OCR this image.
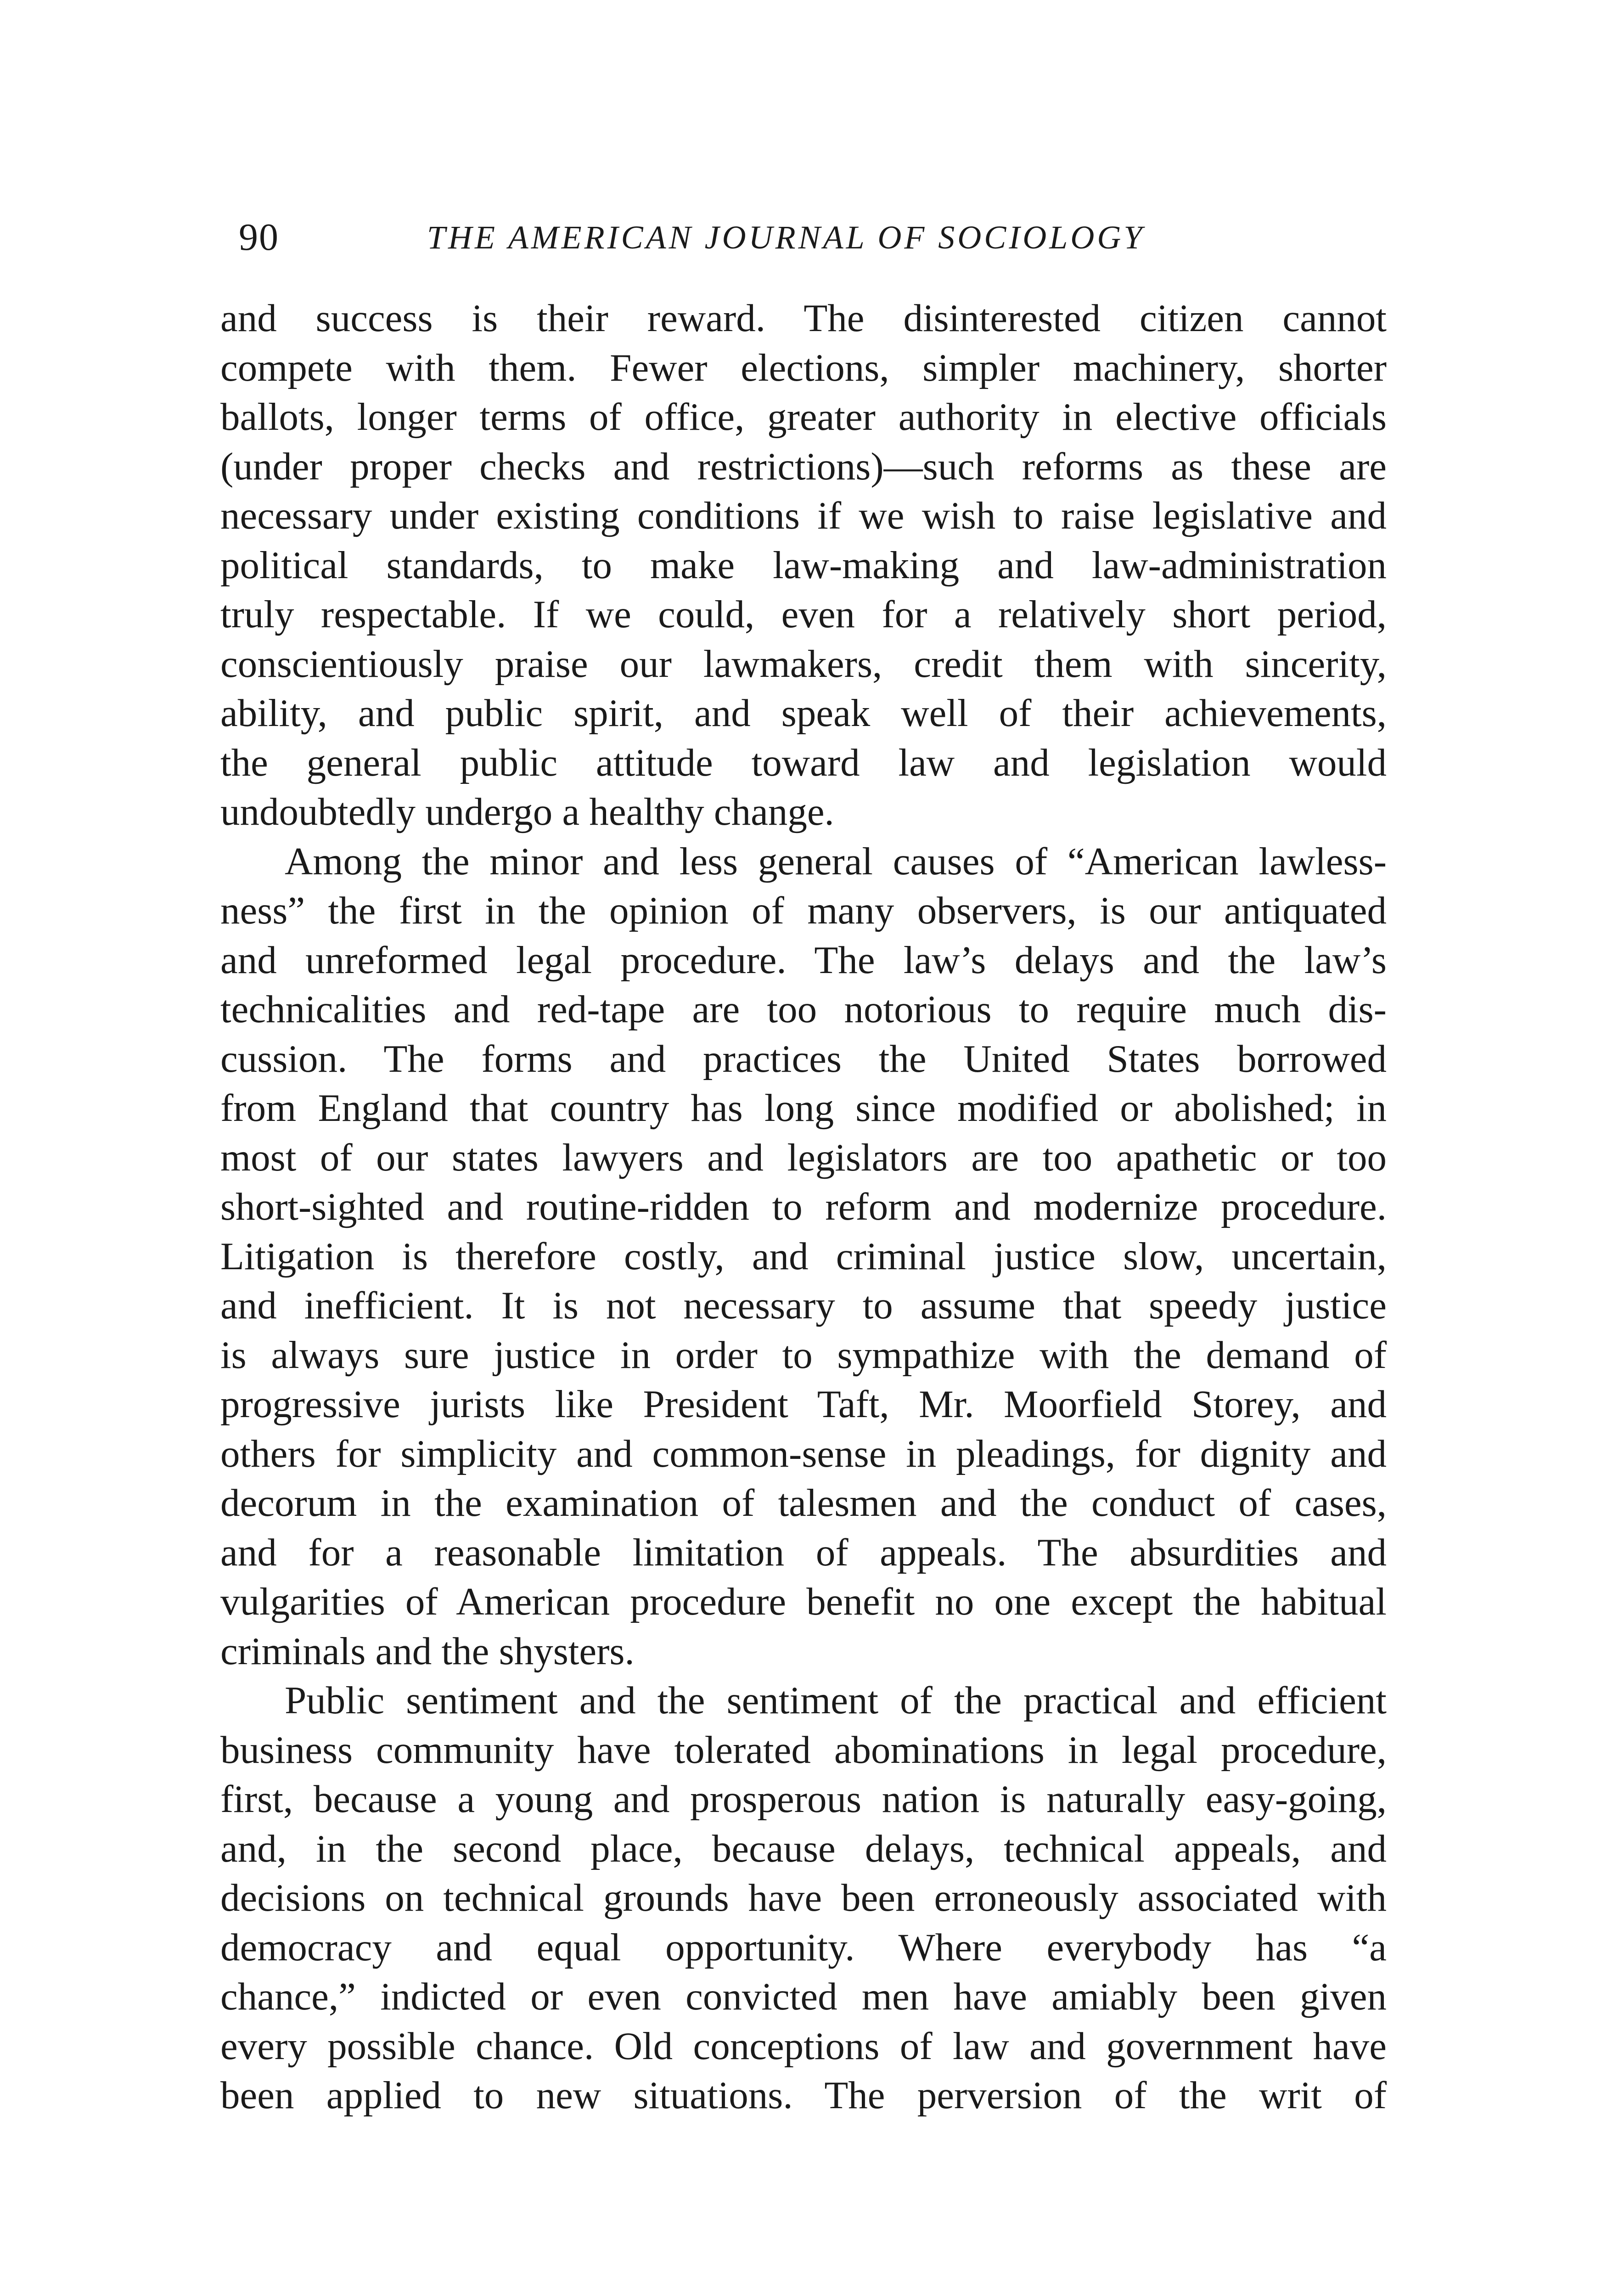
90	THE AMERICAN JOURNAL OF SOCIOLOGY

and success is their reward. The disinterested citizen cannot
compete with them. Fewer elections, simpler machinery, shorter
ballots, longer terms of office, greater authority in elective officials
(under proper checks and restrictions)—such reforms as these are
necessary under existing conditions if we wish to raise legislative and
political standards, to make law-making and law-administration
truly respectable. If we could, even for a relatively short period,
conscientiously praise our lawmakers, credit them with sincerity,
ability, and public spirit, and speak well of their achievements,
the general public attitude toward law and legislation would
undoubtedly undergo a healthy change.

Among the minor and less general causes of “American lawless-
ness” the first in the opinion of many observers, is our antiquated
and unreformed legal procedure. The law’s delays and the law’s
technicalities and red-tape are too notorious to require much dis-
cussion. The forms and practices the United States borrowed
from England that country has long since modified or abolished; in
most of our states lawyers and legislators are too apathetic or too
short-sighted and routine-ridden to reform and modernize procedure.
Litigation is therefore costly, and criminal justice slow, uncertain,
and inefficient. It is not necessary to assume that speedy justice
is always sure justice in order to sympathize with the demand of
progressive jurists like President Taft, Mr. Moorfield Storey, and
others for simplicity and common-sense in pleadings, for dignity and
decorum in the examination of talesmen and the conduct of cases,
and for a reasonable limitation of appeals. The absurdities and
vulgarities of American procedure benefit no one except the habitual
criminals and the shysters.

Public sentiment and the sentiment of the practical and efficient
business community have tolerated abominations in legal procedure,
first, because a young and prosperous nation is naturally easy-going,
and, in the second place, because delays, technical appeals, and
decisions on technical grounds have been erroneously associated with
democracy and equal opportunity. Where everybody has “a
chance,” indicted or even convicted men have amiably been given
every possible chance. Old conceptions of law and government have
been applied to new situations. The perversion of the writ of
